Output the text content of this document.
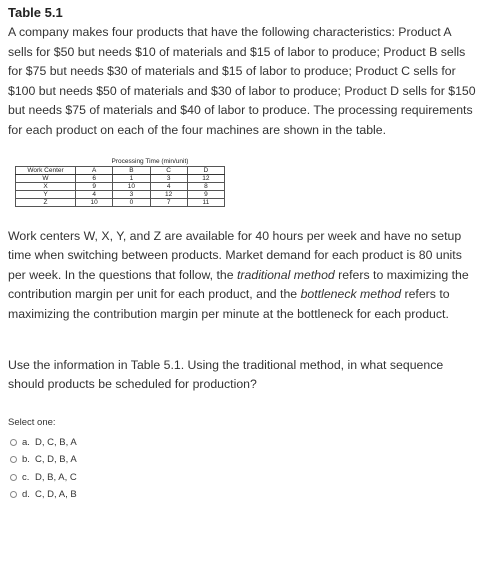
Table 5.1

A company makes four products that have the following characteristics: Product A sells for $50 but needs $10 of materials and $15 of labor to produce; Product B sells for $75 but needs $30 of materials and $15 of labor to produce; Product C sells for $100 but needs $50 of materials and $30 of labor to produce; Product D sells for $150 but needs $75 of materials and $40 of labor to produce. The processing requirements for each product on each of the four machines are shown in the table.

Processing Time (min/unit)
Work Center	A	B	C	D
W	6	1	3	12
X	9	10	4	8
Y	4	3	12	9
Z	10	0	7	11

Work centers W, X, Y, and Z are available for 40 hours per week and have no setup time when switching between products. Market demand for each product is 80 units per week. In the questions that follow, the traditional method refers to maximizing the contribution margin per unit for each product, and the bottleneck method refers to maximizing the contribution margin per minute at the bottleneck for each product.

Use the information in Table 5.1. Using the traditional method, in what sequence should products be scheduled for production?

Select one:
a. D, C, B, A
b. C, D, B, A
c. D, B, A, C
d. C, D, A, B
